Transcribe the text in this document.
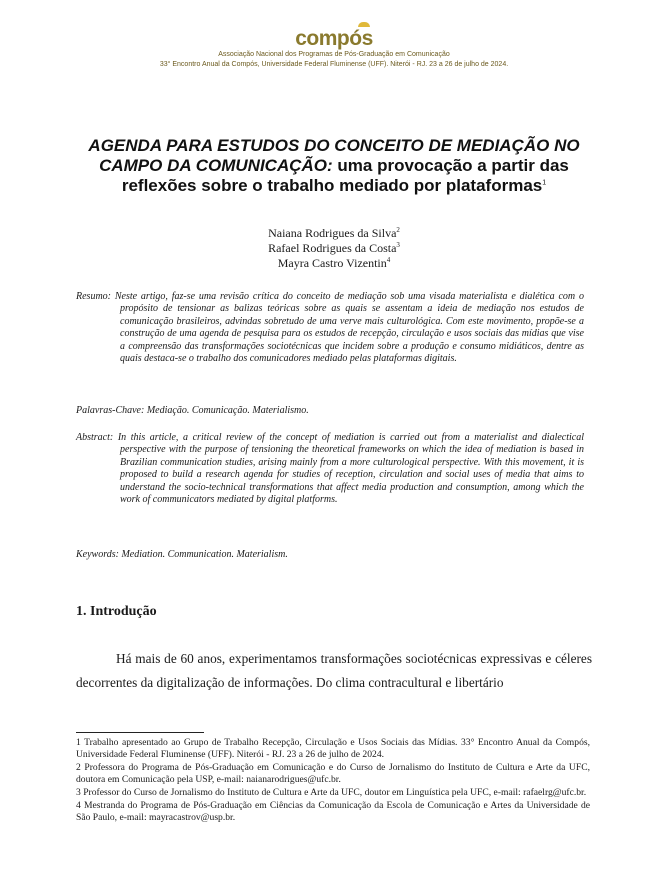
compós
Associação Nacional dos Programas de Pós-Graduação em Comunicação
33° Encontro Anual da Compós, Universidade Federal Fluminense (UFF). Niterói - RJ. 23 a 26 de julho de 2024.
AGENDA PARA ESTUDOS DO CONCEITO DE MEDIAÇÃO NO CAMPO DA COMUNICAÇÃO: uma provocação a partir das reflexões sobre o trabalho mediado por plataformas$^1$
Naiana Rodrigues da Silva$^2$
Rafael Rodrigues da Costa$^3$
Mayra Castro Vizentin$^4$
Resumo: Neste artigo, faz-se uma revisão crítica do conceito de mediação sob uma visada materialista e dialética com o propósito de tensionar as balizas teóricas sobre as quais se assentam a ideia de mediação nos estudos de comunicação brasileiros, advindas sobretudo de uma verve mais culturológica. Com este movimento, propõe-se a construção de uma agenda de pesquisa para os estudos de recepção, circulação e usos sociais das mídias que vise a compreensão das transformações sociotécnicas que incidem sobre a produção e consumo midiáticos, dentre as quais destaca-se o trabalho dos comunicadores mediado pelas plataformas digitais.
Palavras-Chave: Mediação. Comunicação. Materialismo.
Abstract: In this article, a critical review of the concept of mediation is carried out from a materialist and dialectical perspective with the purpose of tensioning the theoretical frameworks on which the idea of mediation is based in Brazilian communication studies, arising mainly from a more culturological perspective. With this movement, it is proposed to build a research agenda for studies of reception, circulation and social uses of media that aims to understand the socio-technical transformations that affect media production and consumption, among which the work of communicators mediated by digital platforms.
Keywords: Mediation. Communication. Materialism.
1. Introdução
Há mais de 60 anos, experimentamos transformações sociotécnicas expressivas e céleres decorrentes da digitalização de informações. Do clima contracultural e libertário
1 Trabalho apresentado ao Grupo de Trabalho Recepção, Circulação e Usos Sociais das Mídias. 33° Encontro Anual da Compós, Universidade Federal Fluminense (UFF). Niterói - RJ. 23 a 26 de julho de 2024.
2 Professora do Programa de Pós-Graduação em Comunicação e do Curso de Jornalismo do Instituto de Cultura e Arte da UFC, doutora em Comunicação pela USP, e-mail: naianarodrigues@ufc.br.
3 Professor do Curso de Jornalismo do Instituto de Cultura e Arte da UFC, doutor em Linguística pela UFC, e-mail: rafaelrg@ufc.br.
4 Mestranda do Programa de Pós-Graduação em Ciências da Comunicação da Escola de Comunicação e Artes da Universidade de São Paulo, e-mail: mayracastrov@usp.br.
